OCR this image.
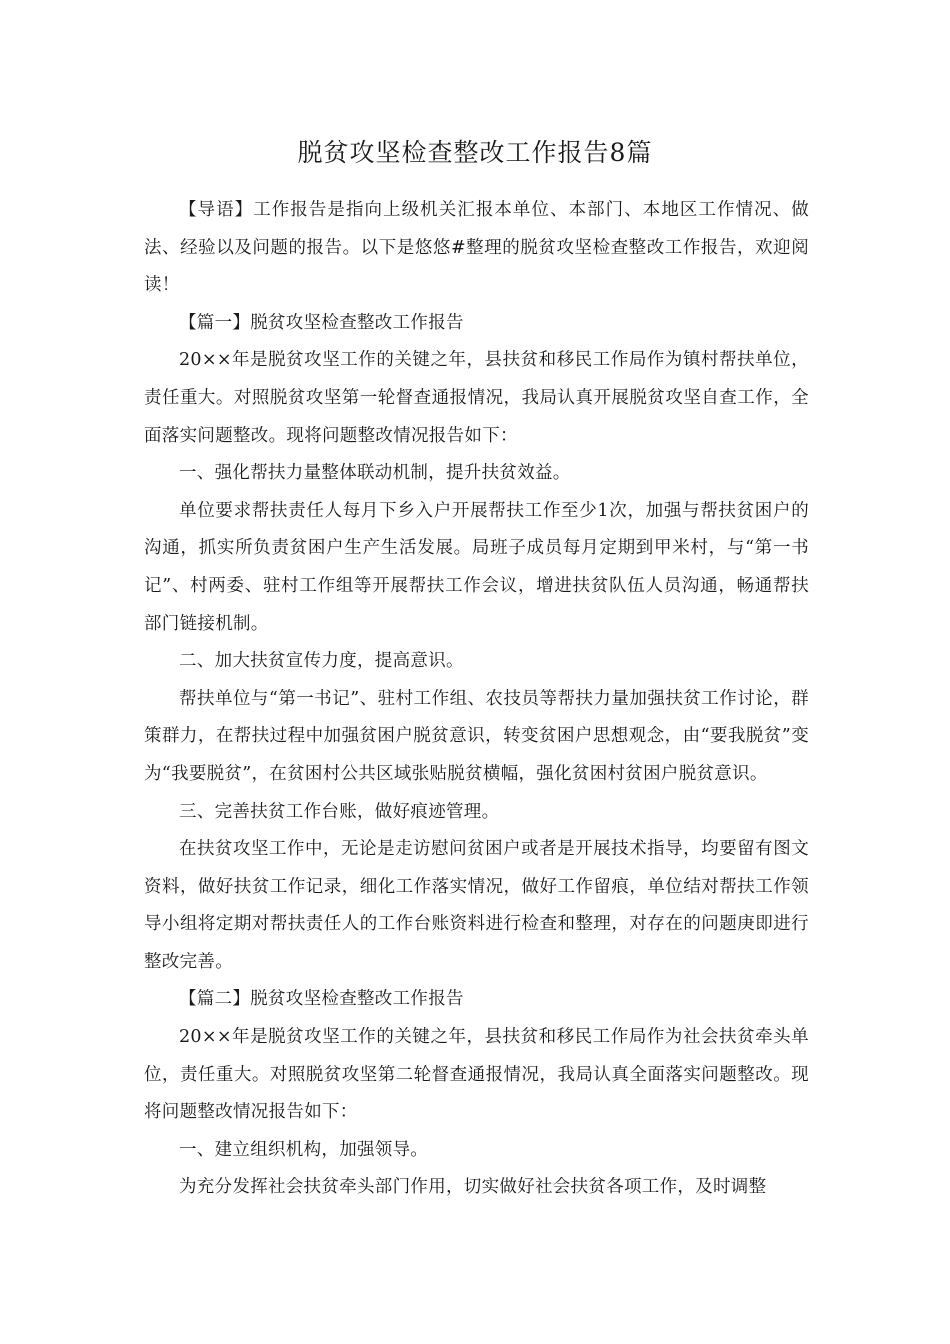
脱贫攻坚检查整改工作报告8篇

【导语】工作报告是指向上级机关汇报本单位、本部门、本地区工作情况、做法、经验以及问题的报告。以下是悠悠#整理的脱贫攻坚检查整改工作报告，欢迎阅读！

【篇一】脱贫攻坚检查整改工作报告

20××年是脱贫攻坚工作的关键之年，县扶贫和移民工作局作为镇村帮扶单位，责任重大。对照脱贫攻坚第一轮督查通报情况，我局认真开展脱贫攻坚自查工作，全面落实问题整改。现将问题整改情况报告如下：

一、强化帮扶力量整体联动机制，提升扶贫效益。

单位要求帮扶责任人每月下乡入户开展帮扶工作至少1次，加强与帮扶贫困户的沟通，抓实所负责贫困户生产生活发展。局班子成员每月定期到甲米村，与“第一书记”、村两委、驻村工作组等开展帮扶工作会议，增进扶贫队伍人员沟通，畅通帮扶部门链接机制。

二、加大扶贫宣传力度，提高意识。

帮扶单位与“第一书记”、驻村工作组、农技员等帮扶力量加强扶贫工作讨论，群策群力，在帮扶过程中加强贫困户脱贫意识，转变贫困户思想观念，由“要我脱贫”变为“我要脱贫”，在贫困村公共区域张贴脱贫横幅，强化贫困村贫困户脱贫意识。

三、完善扶贫工作台账，做好痕迹管理。

在扶贫攻坚工作中，无论是走访慰问贫困户或者是开展技术指导，均要留有图文资料，做好扶贫工作记录，细化工作落实情况，做好工作留痕，单位结对帮扶工作领导小组将定期对帮扶责任人的工作台账资料进行检查和整理，对存在的问题庚即进行整改完善。

【篇二】脱贫攻坚检查整改工作报告

20××年是脱贫攻坚工作的关键之年，县扶贫和移民工作局作为社会扶贫牵头单位，责任重大。对照脱贫攻坚第二轮督查通报情况，我局认真全面落实问题整改。现将问题整改情况报告如下：

一、建立组织机构，加强领导。

为充分发挥社会扶贫牵头部门作用，切实做好社会扶贫各项工作，及时调整
